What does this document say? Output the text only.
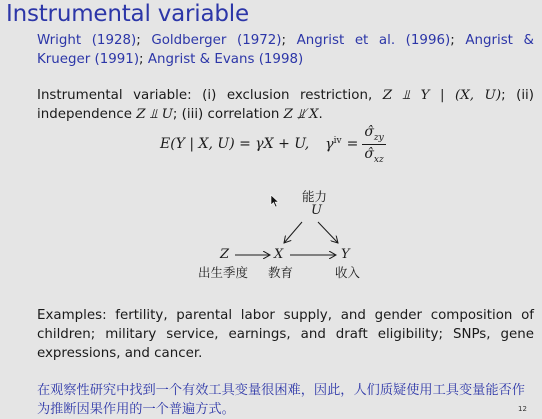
Instrumental variable
Wright (1928); Goldberger (1972); Angrist et al. (1996); Angrist & Krueger (1991); Angrist & Evans (1998)
Instrumental variable: (i) exclusion restriction, Z ⫫ Y | (X, U); (ii) independence Z ⫫ U; (iii) correlation Z ⫫̸ X.
E(Y | X, U) = γX + U, $\gamma^{iv} = \frac{\sigmâ_{zy}}{\sigmâ_{xz}}$
能力
U
Z	X	Y
出生季度 教育	收入
Examples: fertility, parental labor supply, and gender composition of children; military service, earnings, and draft eligibility; SNPs, gene expressions, and cancer.
在观察性研究中找到一个有效工具变量很困难，因此，人们质疑使用工具变量能否作为推断因果作用的一个普遍方式。	12
